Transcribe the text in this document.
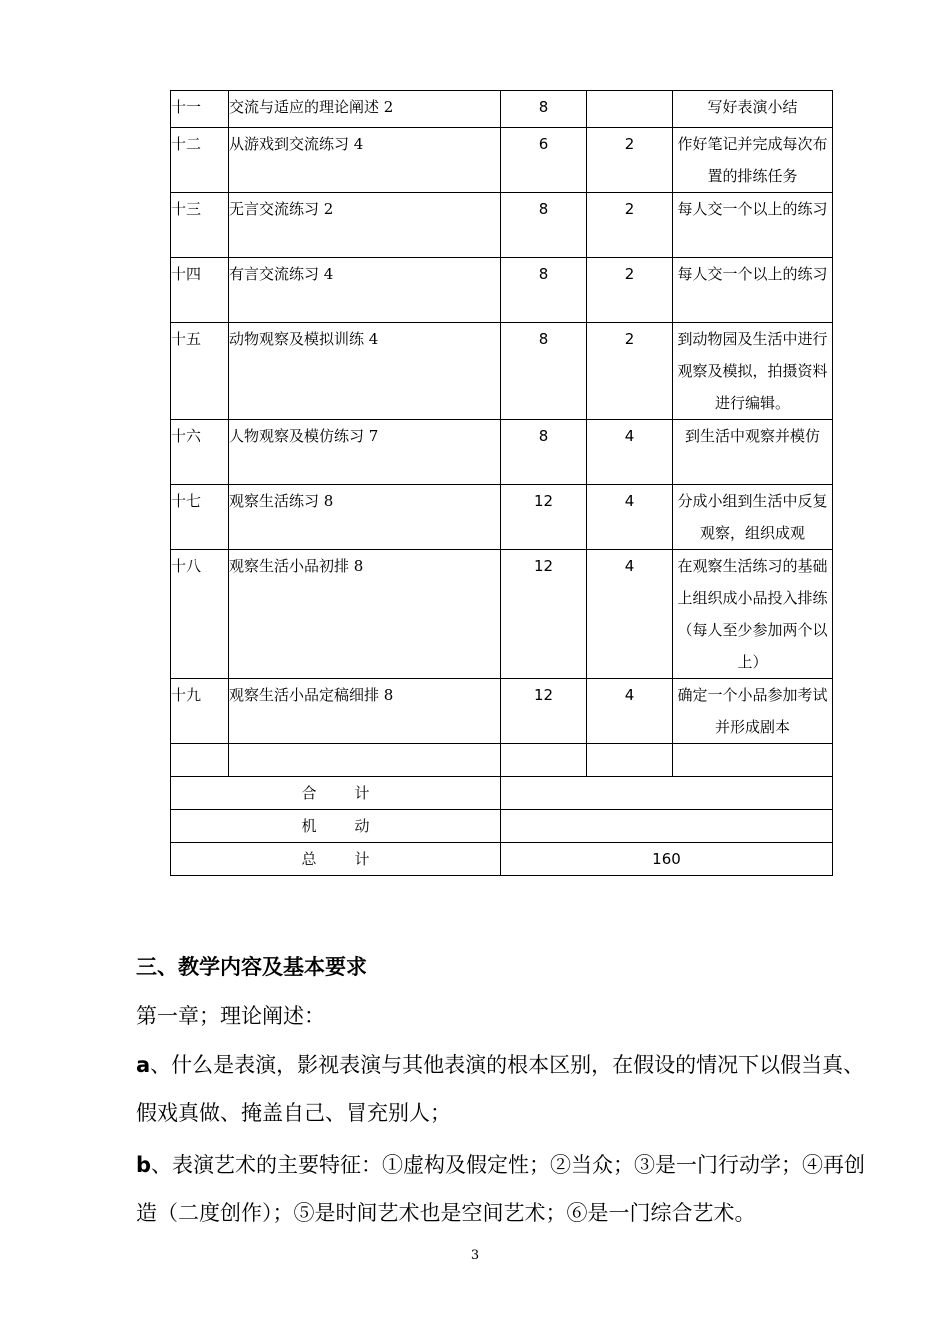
十一	交流与适应的理论阐述 2	8		写好表演小结
十二	从游戏到交流练习 4	6	2	作好笔记并完成每次布置的排练任务
十三	无言交流练习 2	8	2	每人交一个以上的练习
十四	有言交流练习 4	8	2	每人交一个以上的练习
十五	动物观察及模拟训练 4	8	2	到动物园及生活中进行观察及模拟，拍摄资料进行编辑。
十六	人物观察及模仿练习 7	8	4	到生活中观察并模仿
十七	观察生活练习 8	12	4	分成小组到生活中反复观察，组织成观
十八	观察生活小品初排 8	12	4	在观察生活练习的基础上组织成小品投入排练（每人至少参加两个以上）
十九	观察生活小品定稿细排 8	12	4	确定一个小品参加考试并形成剧本

合 计				
机 动				
总 计		160		
三、教学内容及基本要求
第一章；理论阐述：
a、什么是表演，影视表演与其他表演的根本区别，在假设的情况下以假当真、假戏真做、掩盖自己、冒充别人；
b、表演艺术的主要特征：①虚构及假定性；②当众；③是一门行动学；④再创造（二度创作）；⑤是时间艺术也是空间艺术；⑥是一门综合艺术。
3
